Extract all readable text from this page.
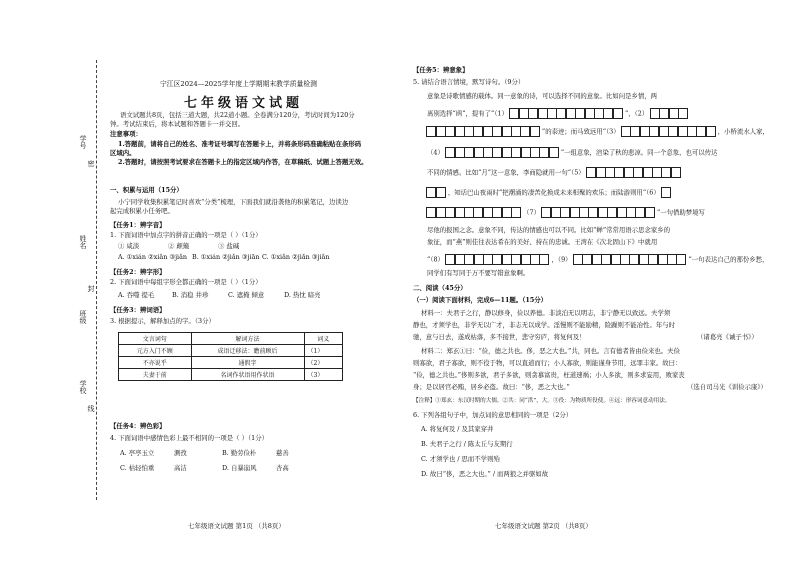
学号
密
姓名
封
班级
学校
线
宁江区2024—2025学年度上学期期末教学质量检测
七年级语文试题
语文试题共8页，包括三道大题，共22道小题。全卷满分120分，考试时间为120分
钟。考试结束后，将本试题和答题卡一并交回。
注意事项：
1.答题前，请将自己的姓名、准考证号填写在答题卡上，并将条形码准确粘贴在条形码
区域内。
2.答题时，请按照考试要求在答题卡上的指定区域内作答，在草稿纸、试题上答题无效。
一、积累与运用（15分）
小宁同学收集积累笔记时喜欢“分类”梳理，下面我们就沿袭他的积累笔记，边读边
起完成积累小任务吧。
【任务1：辨字音】
1. 下面词语中加点字的拼音正确的一项是（ ）（1分）
① 咸淡	② 颠簸	③ 盐碱
A. ①xián ②xiǎn ③jiǎn B. ①xián ②jiǎn ③jiān C. ①xiǎn ②jiǎn ③jiǎn
【任务2：辨字形】
2. 下面词语中每组字形全都正确的一项是（ ）（1分）
A. 吞噬 提毛	B. 消稳 井珍	C. 遮掩 倾意	D. 热忱 暗亮
【任务3：辨词语】
3. 根据提示，解释加点的字。（3分）
文言词句	解词方法	词义
元方入门不顾	成语迁移法：瞻前顾后	（1）
不亦说乎	通假字	（2）
夫妻于前	名词作状语用作状语	（3）
【任务4：辨色彩】
4. 下面词语中感情色彩上最不相同的一项是（ ）（1分）
A. 亭亭玉立	测孜	B. 勤劳俭朴	慈善
C. 枯轻怕重	高洁	D. 自暴崩风	杏高
七年级语文试题 第1页 （共8页）
【任务5：辨意象】
5. 请结合语言情境，默写诗句。（9分）
意象是诗歌情感的载体。同一意象的诗，可以选择不同的意象。比如问是乡情，两
离别选择“鸥”，提有了“（1）	”，（2）
”的泰迹；而马致远用“（3）	，小桥流水人家，
（4）	”一组意象，渲染了秋的悲凉。同一个意象，也可以传达
不同的情感。比如“月”这一意象，李商隐就用一句“（5）
，知话巴山夜雨时”把潮涌的凄苦化换成未来相聚的欢乐；而陆游则用“（6）
（7）	”一句借助梦境写
尽他的报国之念。意象不同，传达的情感也可以不同。比如“蝉”常常用语示思念家乡的
象征，而“燕”则佳往表达希在的美好、持在的忠诚。王湾在《次北固山下》中就用
“（8）	，（9）	”一句表达自己的那份乡愁，
同学们有写同于万不要写错意象啊。
二、阅读（45分）
（一）阅读下面材料，完成6—11题。（15分）
材料一：夫君子之行，静以修身，俭以养德。非淡泊无以明志，非宁静无以致远。夫学须
静也，才须学也，非学无以广才，非志无以成学。淫慢则不能励精，险躁则不能冶性。年与时
驰，意与日去，遂成枯落，多不接世，悲守穷庐，将复何及！	（诸葛亮《诫子书》）
材料二：郑玄①曰：“俭，德之共也。侈，恶之大也。”共，同也。言有德者皆由俭来也。夫俭
则寡欲，君子寡欲，则不役于物，可以直道而行；小人寡欲，则能谨身节用，远罪丰家。故曰：
“俭，德之共也。”侈则多欲，君子多欲，则贪慕富贵，枉道速祸；小人多欲，则多求妄用，败家丧
身；是以居官必贿，居乡必盗。故曰：“侈，恶之大也。”	（选自司马光《训俭示康》）
【注释】①郑玄：东汉时期的大儒。②共：同“洪”，大。③役：为物质所役使。④远：形容词意动用法。
6. 下列各组句子中，加点词的意思相同的一项是（2分）
A. 将复何及 / 及其家穿井
B. 夫君子之行 / 陈太丘与友期行
C. 才须学也 / 思而不学则殆
D. 故曰“侈，恶之大也。” / 而两狼之并驱如故
七年级语文试题 第2页 （共8页）
